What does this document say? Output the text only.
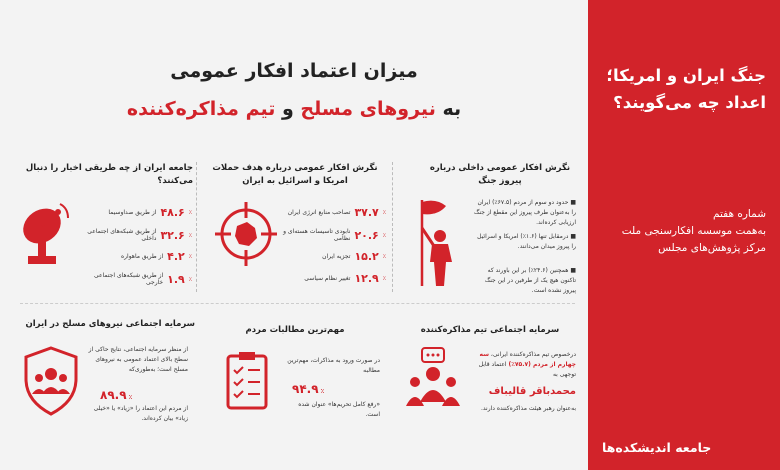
میزان اعتماد افکار عمومی
به نیروهای مسلح و تیم مذاکره‌کننده
جامعه ایران از چه طریقی اخبار را دنبال می‌کنند؟
٪
۴۸.۶
از طریق صداوسیما
٪
۳۲.۶
از طریق شبکه‌های اجتماعی داخلی
٪
۴.۲
از طریق ماهواره
٪
۱.۹
از طریق شبکه‌های اجتماعی خارجی
نگرش افکار عمومی درباره هدف حملات امریکا و اسرائیل به ایران
٪
۳۷.۷
تصاحب منابع انرژی ایران
٪
۲۰.۶
نابودی تاسیسات هسته‌ای و نظامی
٪
۱۵.۲
تجزیه ایران
٪
۱۲.۹
تغییر نظام سیاسی
نگرش افکار عمومی داخلی درباره پیروز جنگ
■ حدود دو سوم از مردم (۶۷.۵٪) ایران را به‌عنوان طرف پیروز این مقطع از جنگ ارزیابی کرده‌اند.
■ درمقابل تنها (۱.۶٪) امریکا و اسرائیل را پیروز میدان می‌دانند.
■ همچنین (۲۴.۶٪) بر این باورند که تاکنون هیچ یک از طرفین در این جنگ پیروز نشده است.
سرمایه اجتماعی نیروهای مسلح در ایران
از منظر سرمایه اجتماعی، نتایج حاکی از سطح بالای اعتماد عمومی به نیروهای مسلح است؛ به‌طوری‌که
٪ ۸۹.۹
از مردم این اعتماد را «زیاد» یا «خیلی زیاد» بیان کرده‌اند.
مهم‌ترین مطالبات مردم
در صورت ورود به مذاکرات، مهم‌ترین مطالبه
٪ ۹۴.۹
«رفع کامل تحریم‌ها» عنوان شده است.
سرمایه اجتماعی تیم مذاکره‌کننده
درخصوص تیم مذاکره‌کننده ایرانی، سه چهارم از مردم (۷۵.۷٪) اعتماد قابل توجهی به
محمدباقر قالیباف
به‌عنوان رهبر هیئت مذاکره‌کننده دارند.
جنگ ایران و امریکا؛ اعداد چه می‌گویند؟
شماره هفتم
به‌همت موسسه افکارسنجی ملت
مرکز پژوهش‌های مجلس
جامعه اندیشکده‌ها
